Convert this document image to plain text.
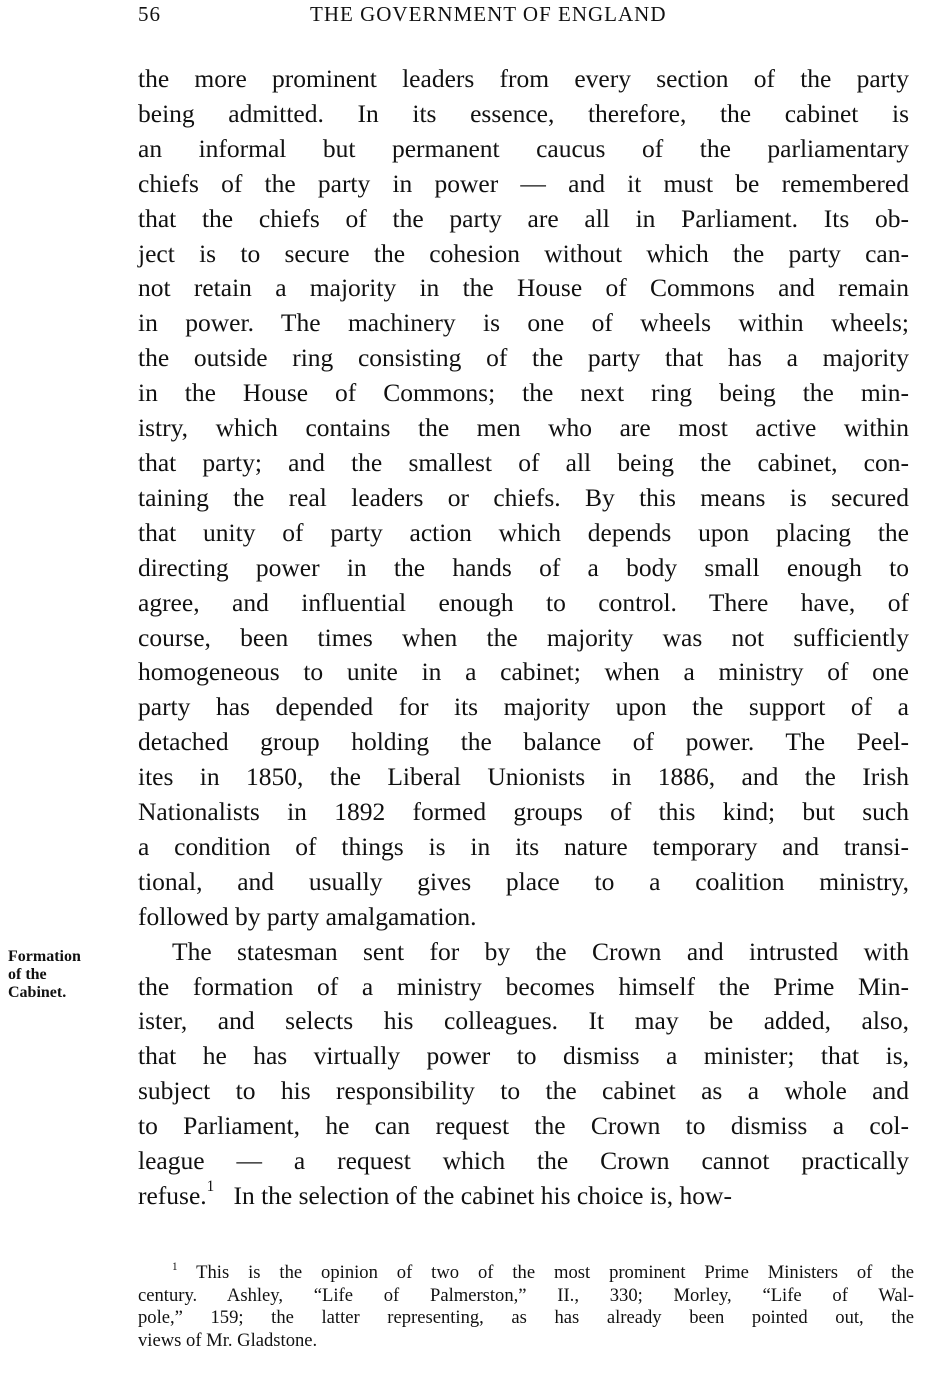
56	THE GOVERNMENT OF ENGLAND
Formation
of the
Cabinet.
the more prominent leaders from every section of the party
being admitted. In its essence, therefore, the cabinet is
an informal but permanent caucus of the parliamentary
chiefs of the party in power — and it must be remembered
that the chiefs of the party are all in Parliament. Its ob-
ject is to secure the cohesion without which the party can-
not retain a majority in the House of Commons and remain
in power. The machinery is one of wheels within wheels;
the outside ring consisting of the party that has a majority
in the House of Commons; the next ring being the min-
istry, which contains the men who are most active within
that party; and the smallest of all being the cabinet, con-
taining the real leaders or chiefs. By this means is secured
that unity of party action which depends upon placing the
directing power in the hands of a body small enough to
agree, and influential enough to control. There have, of
course, been times when the majority was not sufficiently
homogeneous to unite in a cabinet; when a ministry of one
party has depended for its majority upon the support of a
detached group holding the balance of power. The Peel-
ites in 1850, the Liberal Unionists in 1886, and the Irish
Nationalists in 1892 formed groups of this kind; but such
a condition of things is in its nature temporary and transi-
tional, and usually gives place to a coalition ministry,
followed by party amalgamation.
The statesman sent for by the Crown and intrusted with
the formation of a ministry becomes himself the Prime Min-
ister, and selects his colleagues. It may be added, also,
that he has virtually power to dismiss a minister; that is,
subject to his responsibility to the cabinet as a whole and
to Parliament, he can request the Crown to dismiss a col-
league — a request which the Crown cannot practically
refuse.$^1$ In the selection of the cabinet his choice is, how-
$^1$ This is the opinion of two of the most prominent Prime Ministers of the
century. Ashley, “Life of Palmerston,” II., 330; Morley, “Life of Wal-
pole,” 159; the latter representing, as has already been pointed out, the
views of Mr. Gladstone.
